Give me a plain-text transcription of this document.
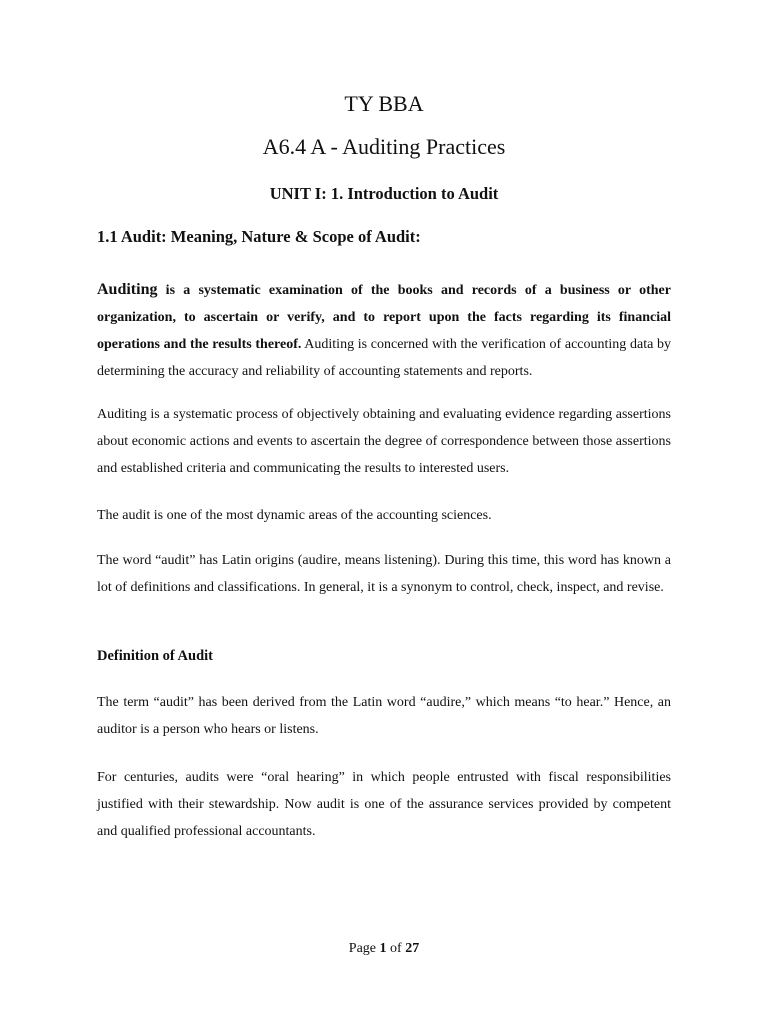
TY BBA
A6.4 A - Auditing Practices
UNIT I: 1. Introduction to Audit
1.1 Audit: Meaning, Nature & Scope of Audit:
Auditing is a systematic examination of the books and records of a business or other organization, to ascertain or verify, and to report upon the facts regarding its financial operations and the results thereof. Auditing is concerned with the verification of accounting data by determining the accuracy and reliability of accounting statements and reports.
Auditing is a systematic process of objectively obtaining and evaluating evidence regarding assertions about economic actions and events to ascertain the degree of correspondence between those assertions and established criteria and communicating the results to interested users.
The audit is one of the most dynamic areas of the accounting sciences.
The word “audit” has Latin origins (audire, means listening). During this time, this word has known a lot of definitions and classifications. In general, it is a synonym to control, check, inspect, and revise.
Definition of Audit
The term “audit” has been derived from the Latin word “audire,” which means “to hear.” Hence, an auditor is a person who hears or listens.
For centuries, audits were “oral hearing” in which people entrusted with fiscal responsibilities justified with their stewardship. Now audit is one of the assurance services provided by competent and qualified professional accountants.
Page 1 of 27
